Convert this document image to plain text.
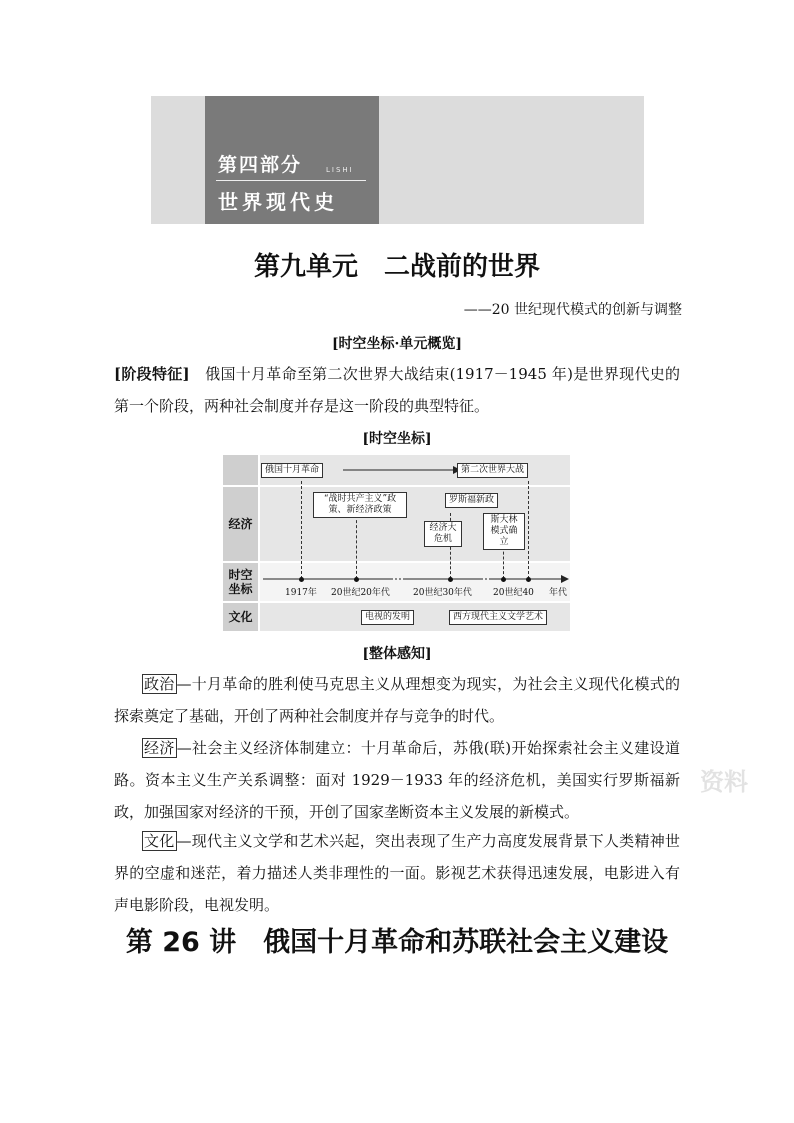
第四部分	LISHI
世界现代史
第九单元　二战前的世界
——20 世纪现代模式的创新与调整
[时空坐标·单元概览]
[阶段特征]　俄国十月革命至第二次世界大战结束(1917－1945 年)是世界现代史的第一个阶段，两种社会制度并存是这一阶段的典型特征。
[时空坐标]
经济
时空坐标
文化
俄国十月革命	第二次世界大战
“战时共产主义”政策、新经济政策
罗斯福新政
经济大危机
斯大林模式确立
1917年 20世纪20年代	20世纪30年代 20世纪40 年代
电视的发明	西方现代主义文学艺术
[整体感知]
政治 —十月革命的胜利使马克思主义从理想变为现实，为社会主义现代化模式的探索奠定了基础，开创了两种社会制度并存与竞争的时代。
经济 —社会主义经济体制建立：十月革命后，苏俄(联)开始探索社会主义建设道路。资本主义生产关系调整：面对 1929－1933 年的经济危机，美国实行罗斯福新政，加强国家对经济的干预，开创了国家垄断资本主义发展的新模式。
文化 —现代主义文学和艺术兴起，突出表现了生产力高度发展背景下人类精神世界的空虚和迷茫，着力描述人类非理性的一面。影视艺术获得迅速发展，电影进入有声电影阶段，电视发明。
资料
第 26 讲　俄国十月革命和苏联社会主义建设
